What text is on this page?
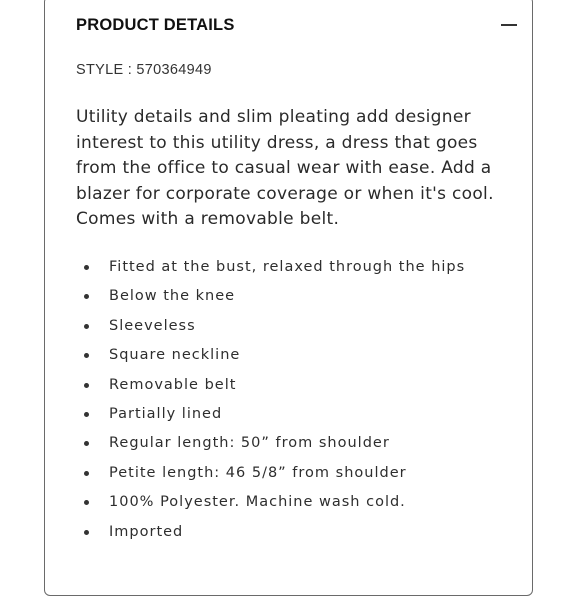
PRODUCT DETAILS
STYLE : 570364949

Utility details and slim pleating add designer interest to this utility dress, a dress that goes from the office to casual wear with ease. Add a blazer for corporate coverage or when it's cool. Comes with a removable belt.

Fitted at the bust, relaxed through the hips
Below the knee
Sleeveless
Square neckline
Removable belt
Partially lined
Regular length: 50” from shoulder
Petite length: 46 5/8” from shoulder
100% Polyester. Machine wash cold.
Imported
